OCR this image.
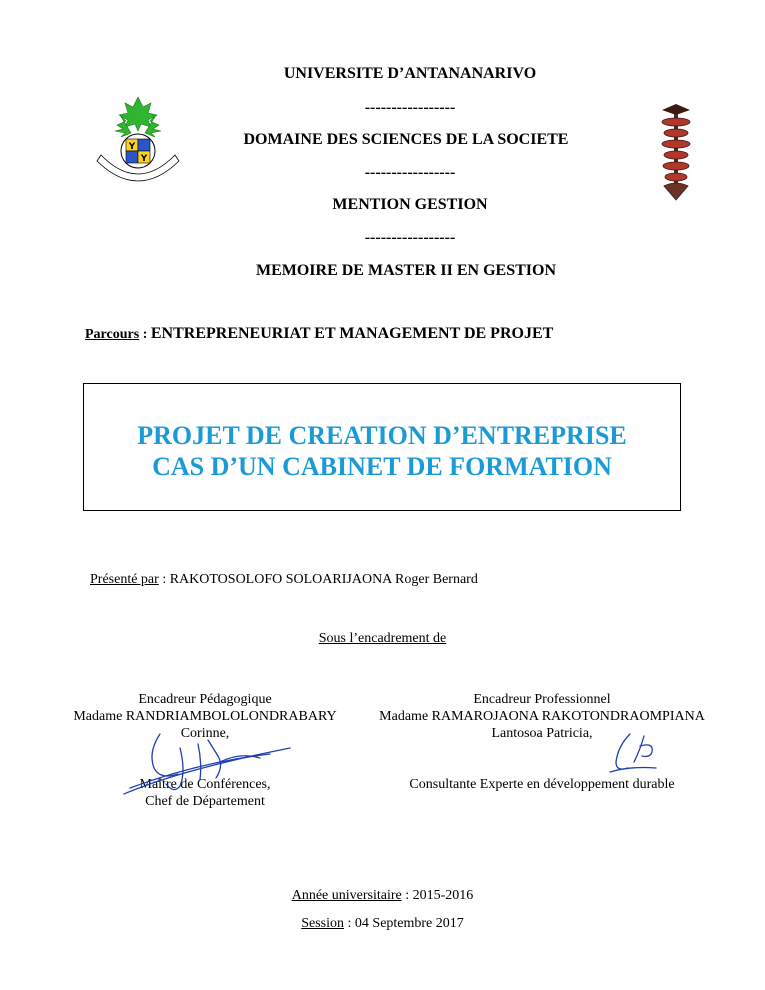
Y
Y
UNIVERSITE D’ANTANANARIVO
-----------------
DOMAINE DES SCIENCES DE LA SOCIETE
-----------------
MENTION GESTION
-----------------
MEMOIRE DE MASTER II EN GESTION
Parcours : ENTREPRENEURIAT ET MANAGEMENT DE PROJET
PROJET DE CREATION D’ENTREPRISE
CAS D’UN CABINET DE FORMATION
Présenté par : RAKOTOSOLOFO SOLOARIJAONA Roger Bernard
Sous l’encadrement de
Encadreur Pédagogique
Madame RANDRIAMBOLOLONDRABARY
Corinne,
Maître de Conférences,
Chef de Département
Encadreur Professionnel
Madame RAMAROJAONA RAKOTONDRAOMPIANA
Lantosoa Patricia,
Consultante Experte en développement durable
Année universitaire : 2015-2016
Session : 04 Septembre 2017
